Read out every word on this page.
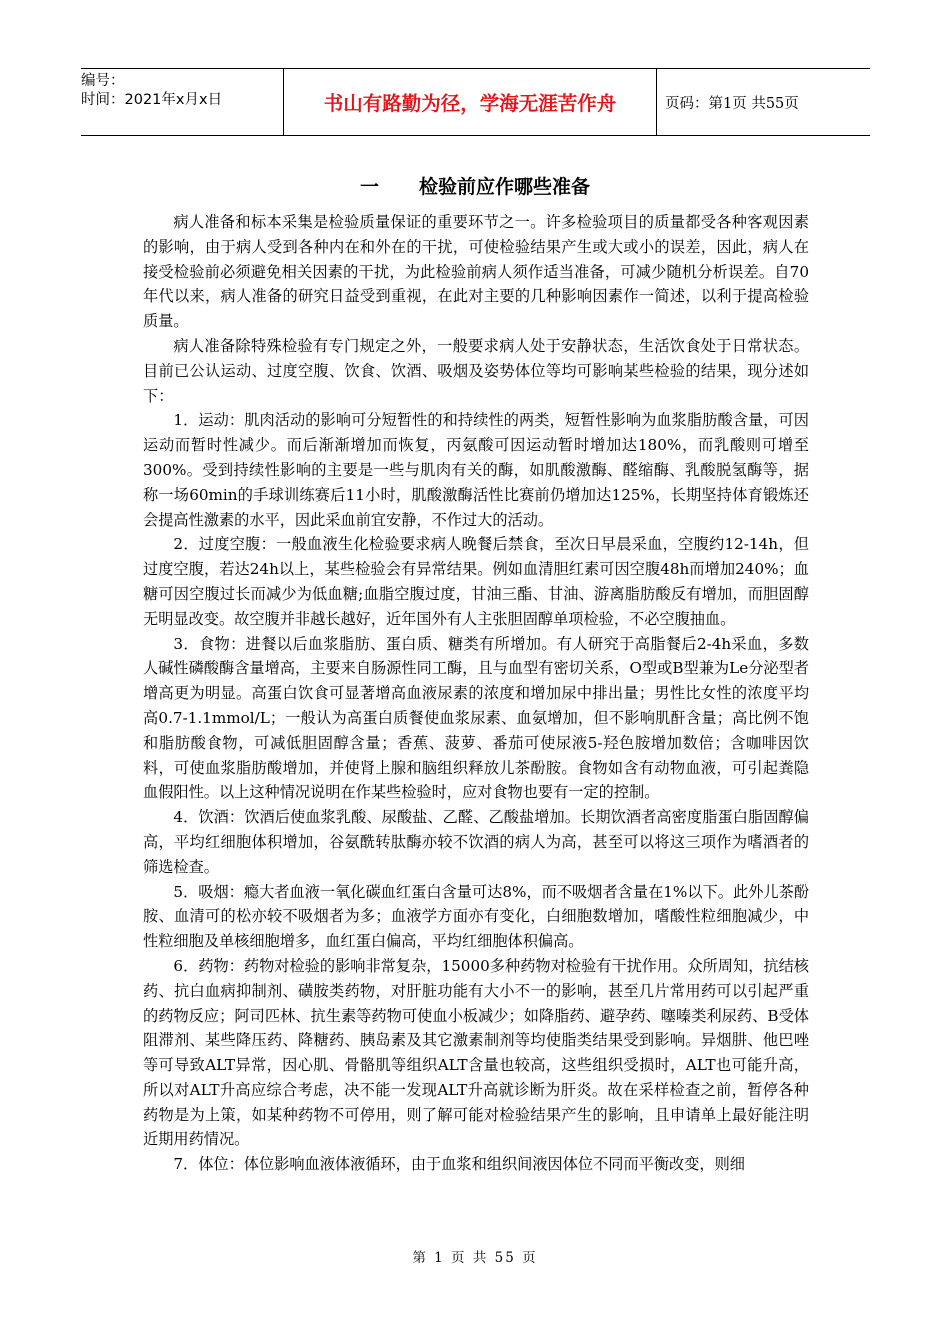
编号：
时间：2021年x月x日	书山有路勤为径，学海无涯苦作舟	页码：第1页 共55页
一 检验前应作哪些准备

病人准备和标本采集是检验质量保证的重要环节之一。许多检验项目的质量都受各种客观因素的影响，由于病人受到各种内在和外在的干扰，可使检验结果产生或大或小的误差，因此，病人在接受检验前必须避免相关因素的干扰，为此检验前病人须作适当准备，可减少随机分析误差。自70年代以来，病人准备的研究日益受到重视，在此对主要的几种影响因素作一简述，以利于提高检验质量。

病人准备除特殊检验有专门规定之外，一般要求病人处于安静状态，生活饮食处于日常状态。目前已公认运动、过度空腹、饮食、饮酒、吸烟及姿势体位等均可影响某些检验的结果，现分述如下：

1．运动：肌肉活动的影响可分短暂性的和持续性的两类，短暂性影响为血浆脂肪酸含量，可因运动而暂时性减少。而后渐渐增加而恢复，丙氨酸可因运动暂时增加达180%，而乳酸则可增至300%。受到持续性影响的主要是一些与肌肉有关的酶，如肌酸激酶、醛缩酶、乳酸脱氢酶等，据称一场60min的手球训练赛后11小时，肌酸激酶活性比赛前仍增加达125%，长期坚持体育锻炼还会提高性激素的水平，因此采血前宜安静，不作过大的活动。

2．过度空腹：一般血液生化检验要求病人晚餐后禁食，至次日早晨采血，空腹约12-14h，但过度空腹，若达24h以上，某些检验会有异常结果。例如血清胆红素可因空腹48h而增加240%；血糖可因空腹过长而减少为低血糖;血脂空腹过度，甘油三酯、甘油、游离脂肪酸反有增加，而胆固醇无明显改变。故空腹并非越长越好，近年国外有人主张胆固醇单项检验，不必空腹抽血。

3．食物：进餐以后血浆脂肪、蛋白质、糖类有所增加。有人研究于高脂餐后2-4h采血，多数人碱性磷酸酶含量增高，主要来自肠源性同工酶，且与血型有密切关系，O型或B型兼为Le分泌型者增高更为明显。高蛋白饮食可显著增高血液尿素的浓度和增加尿中排出量；男性比女性的浓度平均高0.7-1.1mmol/L；一般认为高蛋白质餐使血浆尿素、血氨增加，但不影响肌酐含量；高比例不饱和脂肪酸食物，可减低胆固醇含量；香蕉、菠萝、番茄可使尿液5-羟色胺增加数倍；含咖啡因饮料，可使血浆脂肪酸增加，并使肾上腺和脑组织释放儿茶酚胺。食物如含有动物血液，可引起粪隐血假阳性。以上这种情况说明在作某些检验时，应对食物也要有一定的控制。

4．饮酒：饮酒后使血浆乳酸、尿酸盐、乙醛、乙酸盐增加。长期饮酒者高密度脂蛋白脂固醇偏高，平均红细胞体积增加，谷氨酰转肽酶亦较不饮酒的病人为高，甚至可以将这三项作为嗜酒者的筛选检查。

5．吸烟：瘾大者血液一氧化碳血红蛋白含量可达8%，而不吸烟者含量在1%以下。此外儿茶酚胺、血清可的松亦较不吸烟者为多；血液学方面亦有变化，白细胞数增加，嗜酸性粒细胞减少，中性粒细胞及单核细胞增多，血红蛋白偏高，平均红细胞体积偏高。

6．药物：药物对检验的影响非常复杂，15000多种药物对检验有干扰作用。众所周知，抗结核药、抗白血病抑制剂、磺胺类药物，对肝脏功能有大小不一的影响，甚至几片常用药可以引起严重的药物反应；阿司匹林、抗生素等药物可使血小板减少；如降脂药、避孕药、噻嗪类利尿药、B受体阻滞剂、某些降压药、降糖药、胰岛素及其它激素制剂等均使脂类结果受到影响。异烟肼、他巴唑等可导致ALT异常，因心肌、骨骼肌等组织ALT含量也较高，这些组织受损时，ALT也可能升高，所以对ALT升高应综合考虑，决不能一发现ALT升高就诊断为肝炎。故在采样检查之前，暂停各种药物是为上策，如某种药物不可停用，则了解可能对检验结果产生的影响，且申请单上最好能注明近期用药情况。

7．体位：体位影响血液体液循环，由于血浆和组织间液因体位不同而平衡改变，则细

第 1 页 共 55 页
